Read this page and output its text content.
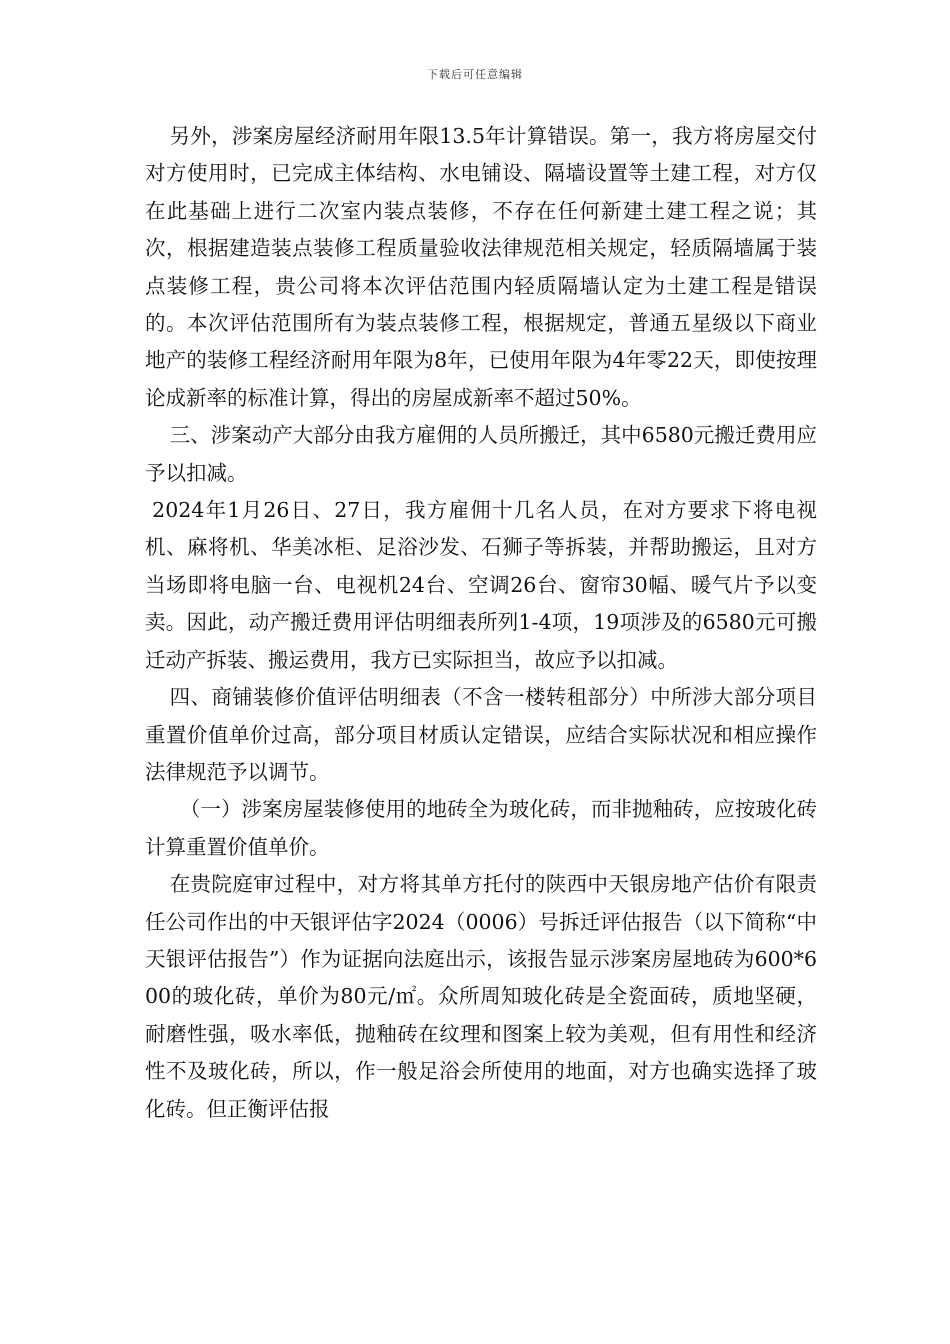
下载后可任意编辑

另外，涉案房屋经济耐用年限13.5年计算错误。第一，我方将房屋交付对方使用时，已完成主体结构、水电铺设、隔墙设置等土建工程，对方仅在此基础上进行二次室内装点装修，不存在任何新建土建工程之说；其次，根据建造装点装修工程质量验收法律规范相关规定，轻质隔墙属于装点装修工程，贵公司将本次评估范围内轻质隔墙认定为土建工程是错误的。本次评估范围所有为装点装修工程，根据规定，普通五星级以下商业地产的装修工程经济耐用年限为8年，已使用年限为4年零22天，即使按理论成新率的标准计算，得出的房屋成新率不超过50%。

三、涉案动产大部分由我方雇佣的人员所搬迁，其中6580元搬迁费用应予以扣减。

2024年1月26日、27日，我方雇佣十几名人员，在对方要求下将电视机、麻将机、华美冰柜、足浴沙发、石狮子等拆装，并帮助搬运，且对方当场即将电脑一台、电视机24台、空调26台、窗帘30幅、暖气片予以变卖。因此，动产搬迁费用评估明细表所列1-4项，19项涉及的6580元可搬迁动产拆装、搬运费用，我方已实际担当，故应予以扣减。

四、商铺装修价值评估明细表（不含一楼转租部分）中所涉大部分项目重置价值单价过高，部分项目材质认定错误，应结合实际状况和相应操作法律规范予以调节。

（一）涉案房屋装修使用的地砖全为玻化砖，而非抛釉砖，应按玻化砖计算重置价值单价。

在贵院庭审过程中，对方将其单方托付的陕西中天银房地产估价有限责任公司作出的中天银评估字2024（0006）号拆迁评估报告（以下简称“中天银评估报告”）作为证据向法庭出示，该报告显示涉案房屋地砖为600*600的玻化砖，单价为80元/㎡。众所周知玻化砖是全瓷面砖，质地坚硬，耐磨性强，吸水率低，抛釉砖在纹理和图案上较为美观，但有用性和经济性不及玻化砖，所以，作一般足浴会所使用的地面，对方也确实选择了玻化砖。但正衡评估报
